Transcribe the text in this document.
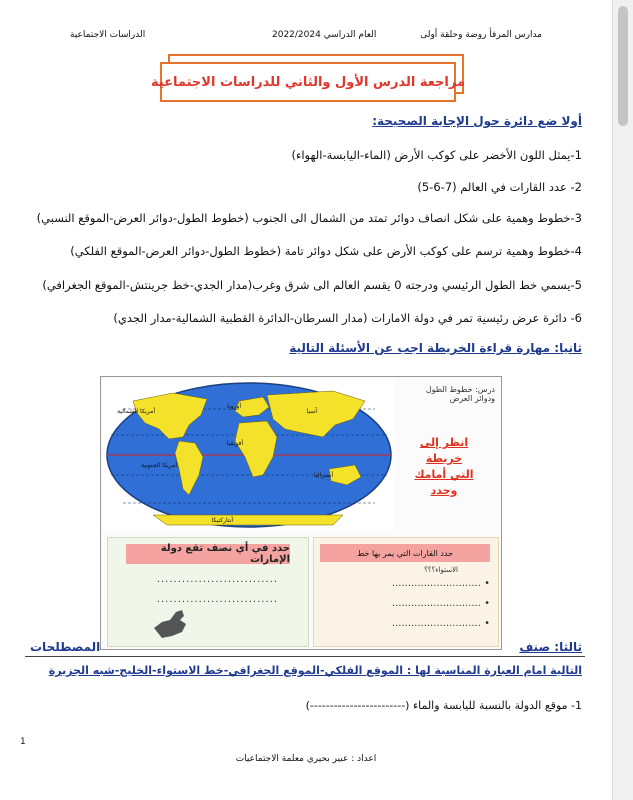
مدارس المرفأ روضة وحلقة أولى
العام الدراسي 2022/2024
الدراسات الاجتماعية
مراجعة الدرس الأول والثاني للدراسات الاجتماعية
أولا ضع دائرة حول الإجابة الصحيحة:
1-يمثل اللون الأخضر على كوكب الأرض (الماء-اليابسة-الهواء)
2- عدد القارات في العالم (7-6-5)
3-خطوط وهمية على شكل انصاف دوائر تمتد من الشمال الى الجنوب (خطوط الطول-دوائر العرض-الموقع النسبي)
4-خطوط وهمية ترسم على كوكب الأرض على شكل دوائر تامة (خطوط الطول-دوائر العرض-الموقع الفلكي)
5-يسمي خط الطول الرئيسي ودرجته 0 يقسم العالم الى شرق وغرب(مدار الجدي-خط جرينتش-الموقع الجغرافي)
6- دائرة عرض رئيسية تمر في دولة الامارات (مدار السرطان-الدائرة القطبية الشمالية-مدار الجدي)
ثانيا: مهارة قراءة الخريطة اجب عن الأسئلة التالية
آسيا
أمريكا الشمالية
أفريقيا
أوروبا
أمريكا الجنوبية
أستراليا
أنتاركتيكا
درس: خطوط الطول ودوائر العرض
انظر إلى خريطة
التي أمامك
وحدد
حدد في أي نصف تقع دولة الإمارات
.............................
.............................
حدد القارات التي يمر بها خط
الاستواء؟؟؟
• ............................
• ............................
• ............................
ثالثا: صنف
المصطلحات
التالية امام العبارة المناسبة لها : الموقع الفلكي-الموقع الجغرافي-خط الاستواء-الخليج-شبه الجزيرة
1- موقع الدولة بالنسبة لليابسة والماء (------------------------)
1
اعداد : عبير بحيري معلمة الاجتماعيات
